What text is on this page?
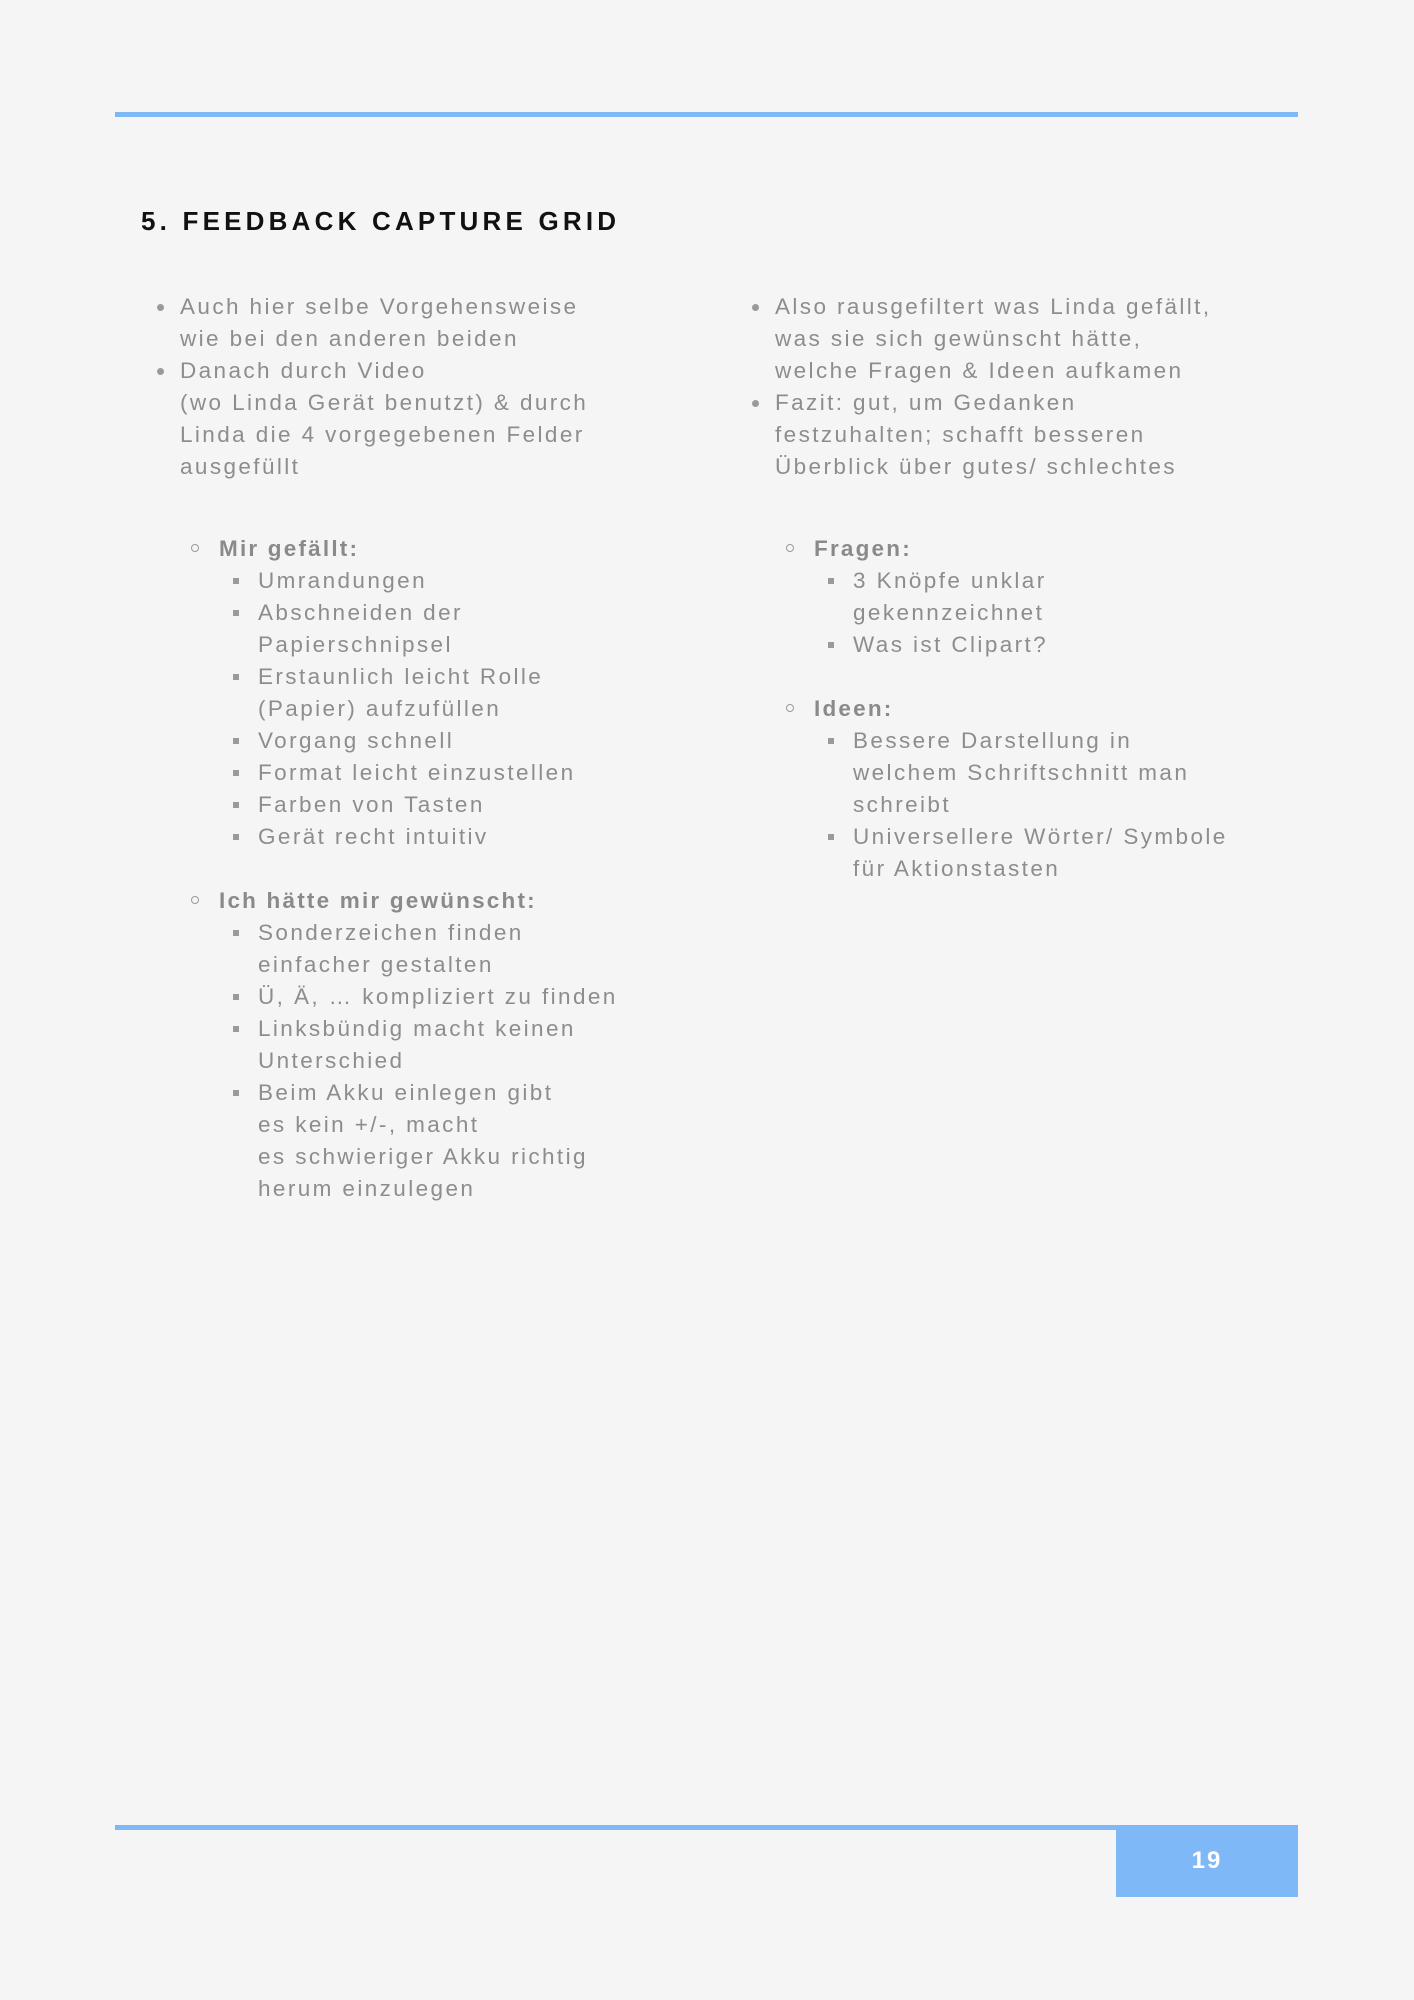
5. FEEDBACK CAPTURE GRID
Auch hier selbe Vorgehensweise
wie bei den anderen beiden
Danach durch Video
(wo Linda Gerät benutzt) & durch
Linda die 4 vorgegebenen Felder
ausgefüllt
Mir gefällt:
Umrandungen
Abschneiden der
Papierschnipsel
Erstaunlich leicht Rolle
(Papier) aufzufüllen
Vorgang schnell
Format leicht einzustellen
Farben von Tasten
Gerät recht intuitiv
Ich hätte mir gewünscht:
Sonderzeichen finden
einfacher gestalten
Ü, Ä, … kompliziert zu finden
Linksbündig macht keinen
Unterschied
Beim Akku einlegen gibt
es kein +/-, macht
es schwieriger Akku richtig
herum einzulegen
Also rausgefiltert was Linda gefällt,
was sie sich gewünscht hätte,
welche Fragen & Ideen aufkamen
Fazit: gut, um Gedanken
festzuhalten; schafft besseren
Überblick über gutes/ schlechtes
Fragen:
3 Knöpfe unklar
gekennzeichnet
Was ist Clipart?
Ideen:
Bessere Darstellung in
welchem Schriftschnitt man
schreibt
Universellere Wörter/ Symbole
für Aktionstasten
19
